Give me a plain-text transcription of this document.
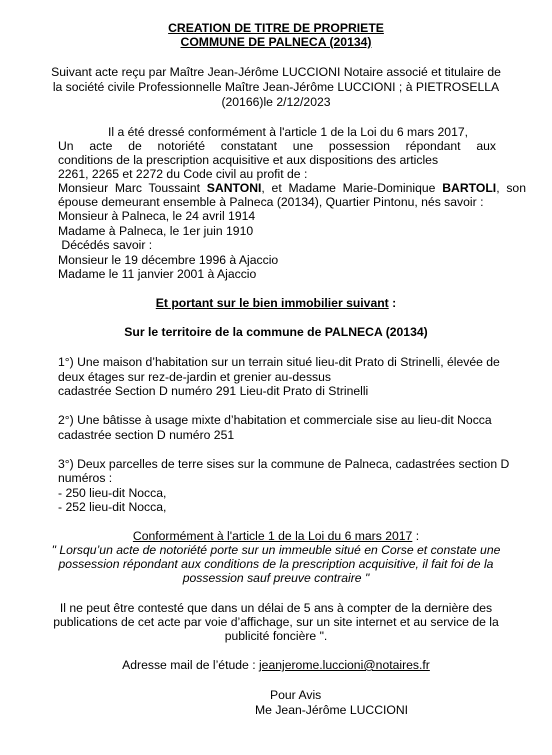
CREATION DE TITRE DE PROPRIETE
COMMUNE DE PALNECA (20134)
Suivant acte reçu par Maître Jean-Jérôme LUCCIONI Notaire associé et titulaire de
la société civile Professionnelle Maître Jean-Jérôme LUCCIONI ; à PIETROSELLA
(20166)le 2/12/2023
Il a été dressé conformément à l'article 1 de la Loi du 6 mars 2017,
Un acte de notoriété constatant une possession répondant aux
conditions de la prescription acquisitive et aux dispositions des articles
2261, 2265 et 2272 du Code civil au profit de :
Monsieur Marc Toussaint SANTONI, et Madame Marie-Dominique BARTOLI, son
épouse demeurant ensemble à Palneca (20134), Quartier Pintonu, nés savoir :
Monsieur à Palneca, le 24 avril 1914
Madame à Palneca, le 1er juin 1910
Décédés savoir :
Monsieur le 19 décembre 1996 à Ajaccio
Madame le 11 janvier 2001 à Ajaccio
Et portant sur le bien immobilier suivant :
Sur le territoire de la commune de PALNECA (20134)
1°) Une maison d’habitation sur un terrain situé lieu-dit Prato di Strinelli, élevée de
deux étages sur rez-de-jardin et grenier au-dessus
cadastrée Section D numéro 291 Lieu-dit Prato di Strinelli
2°) Une bâtisse à usage mixte d’habitation et commerciale sise au lieu-dit Nocca
cadastrée section D numéro 251
3°) Deux parcelles de terre sises sur la commune de Palneca, cadastrées section D
numéros :
- 250 lieu-dit Nocca,
- 252 lieu-dit Nocca,
Conformément à l'article 1 de la Loi du 6 mars 2017 :
" Lorsqu’un acte de notoriété porte sur un immeuble situé en Corse et constate une
possession répondant aux conditions de la prescription acquisitive, il fait foi de la
possession sauf preuve contraire "
Il ne peut être contesté que dans un délai de 5 ans à compter de la dernière des
publications de cet acte par voie d’affichage, sur un site internet et au service de la
publicité foncière ".
Adresse mail de l’étude : jeanjerome.luccioni@notaires.fr
Pour Avis
Me Jean-Jérôme LUCCIONI
